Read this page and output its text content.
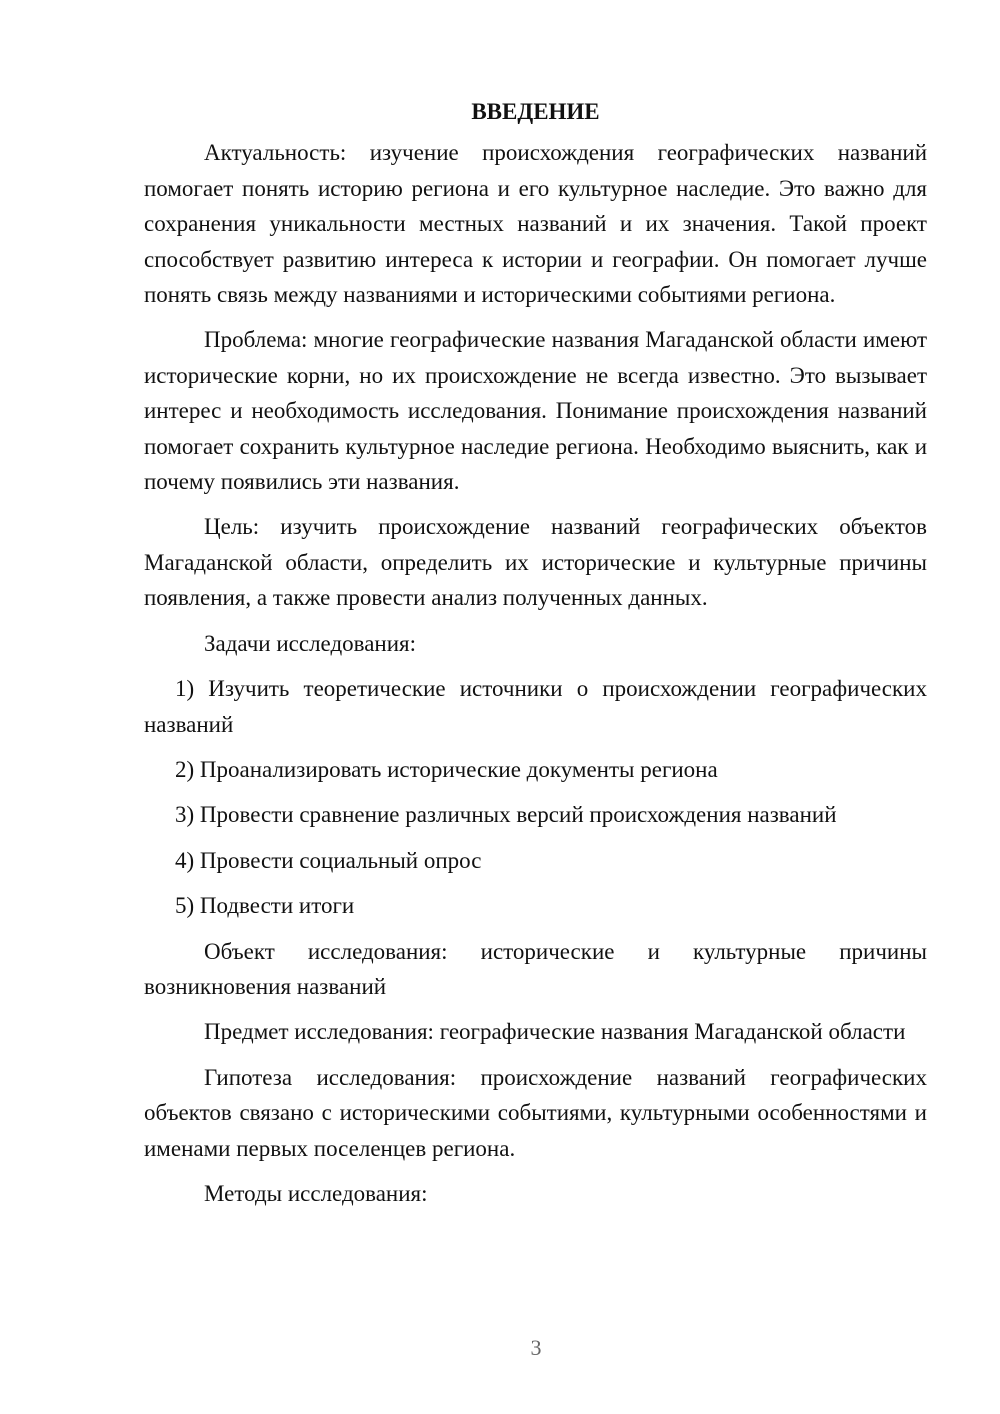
ВВЕДЕНИЕ

Актуальность: изучение происхождения географических названий помогает понять историю региона и его культурное наследие. Это важно для сохранения уникальности местных названий и их значения. Такой проект способствует развитию интереса к истории и географии. Он помогает лучше понять связь между названиями и историческими событиями региона.

Проблема: многие географические названия Магаданской области имеют исторические корни, но их происхождение не всегда известно. Это вызывает интерес и необходимость исследования. Понимание происхождения названий помогает сохранить культурное наследие региона. Необходимо выяснить, как и почему появились эти названия.

Цель: изучить происхождение названий географических объектов Магаданской области, определить их исторические и культурные причины появления, а также провести анализ полученных данных.

Задачи исследования:

1) Изучить теоретические источники о происхождении географических названий

2) Проанализировать исторические документы региона

3) Провести сравнение различных версий происхождения названий

4) Провести социальный опрос

5) Подвести итоги

Объект исследования: исторические и культурные причины возникновения названий

Предмет исследования: географические названия Магаданской области

Гипотеза исследования: происхождение названий географических объектов связано с историческими событиями, культурными особенностями и именами первых поселенцев региона.

Методы исследования:

3
